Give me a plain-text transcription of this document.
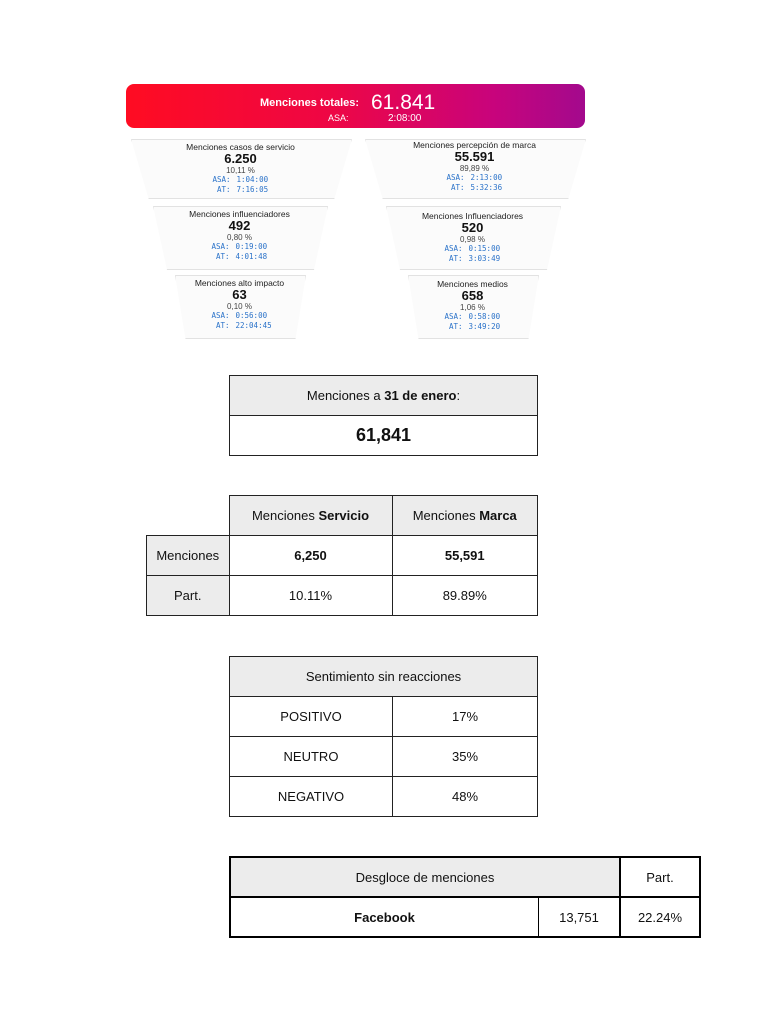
Menciones totales: 61.841
ASA:	2:08:00
Menciones casos de servicio
6.250
10,11 %
ASA: 1:04:00
AT: 7:16:05
Menciones percepción de marca
55.591
89,89 %
ASA: 2:13:00
AT: 5:32:36
Menciones influenciadores
492
0,80 %
ASA: 0:19:00
AT: 4:01:48
Menciones Influenciadores
520
0,98 %
ASA: 0:15:00
AT: 3:03:49
Menciones alto impacto
63
0,10 %
ASA: 0:56:00
AT: 22:04:45
Menciones medios
658
1,06 %
ASA: 0:58:00
AT: 3:49:20
Menciones a 31 de enero:
61,841
	Menciones Servicio	Menciones Marca
Menciones	6,250	55,591
Part.	10.11%	89.89%
Sentimiento sin reacciones	
POSITIVO	17%
NEUTRO	35%
NEGATIVO	48%
Desgloce de menciones		Part.
Facebook	13,751	22.24%
